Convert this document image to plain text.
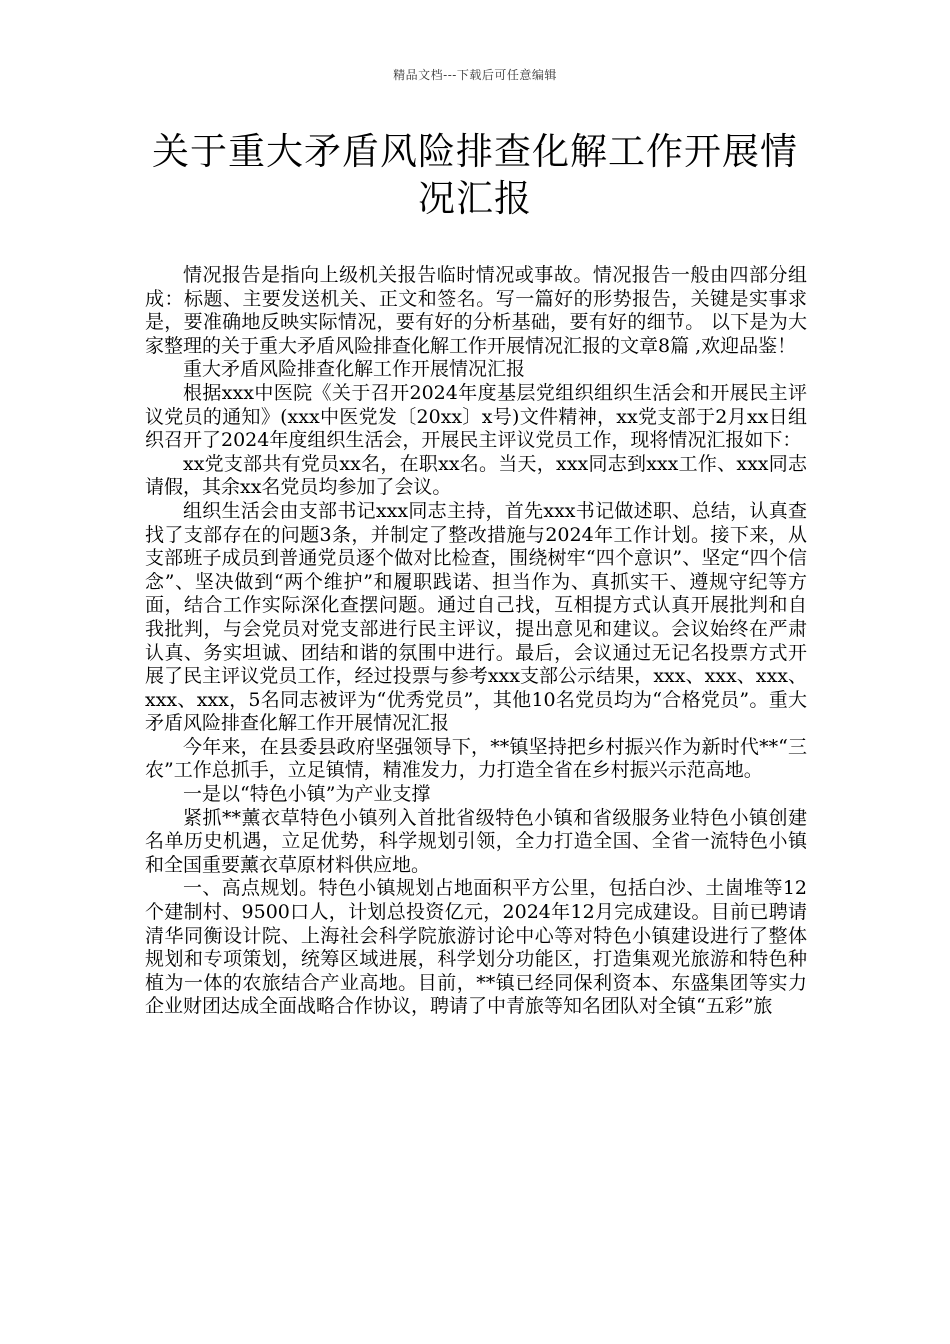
精品文档---下载后可任意编辑
关于重大矛盾风险排查化解工作开展情况汇报

情况报告是指向上级机关报告临时情况或事故。情况报告一般由四部分组成：标题、主要发送机关、正文和签名。写一篇好的形势报告，关键是实事求是，要准确地反映实际情况，要有好的分析基础，要有好的细节。 以下是为大家整理的关于重大矛盾风险排查化解工作开展情况汇报的文章8篇 ,欢迎品鉴！

重大矛盾风险排查化解工作开展情况汇报

根据xxx中医院《关于召开2024年度基层党组织组织生活会和开展民主评议党员的通知》(xxx中医党发〔20xx〕x号)文件精神，xx党支部于2月xx日组织召开了2024年度组织生活会，开展民主评议党员工作，现将情况汇报如下：

xx党支部共有党员xx名，在职xx名。当天，xxx同志到xxx工作、xxx同志请假，其余xx名党员均参加了会议。

组织生活会由支部书记xxx同志主持，首先xxx书记做述职、总结，认真查找了支部存在的问题3条，并制定了整改措施与2024年工作计划。接下来，从支部班子成员到普通党员逐个做对比检查，围绕树牢“四个意识”、坚定“四个信念”、坚决做到“两个维护”和履职践诺、担当作为、真抓实干、遵规守纪等方面，结合工作实际深化查摆问题。通过自己找，互相提方式认真开展批判和自我批判，与会党员对党支部进行民主评议，提出意见和建议。会议始终在严肃认真、务实坦诚、团结和谐的氛围中进行。最后，会议通过无记名投票方式开展了民主评议党员工作，经过投票与参考xxx支部公示结果，xxx、xxx、xxx、xxx、xxx，5名同志被评为“优秀党员”，其他10名党员均为“合格党员”。重大矛盾风险排查化解工作开展情况汇报

今年来，在县委县政府坚强领导下，**镇坚持把乡村振兴作为新时代**“三农”工作总抓手，立足镇情，精准发力，力打造全省在乡村振兴示范高地。

一是以“特色小镇”为产业支撑

紧抓**薰衣草特色小镇列入首批省级特色小镇和省级服务业特色小镇创建名单历史机遇，立足优势，科学规划引领，全力打造全国、全省一流特色小镇和全国重要薰衣草原材料供应地。

一、高点规划。特色小镇规划占地面积平方公里，包括白沙、土崮堆等12个建制村、9500口人，计划总投资亿元，2024年12月完成建设。目前已聘请清华同衡设计院、上海社会科学院旅游讨论中心等对特色小镇建设进行了整体规划和专项策划，统筹区域进展，科学划分功能区，打造集观光旅游和特色种植为一体的农旅结合产业高地。目前，**镇已经同保利资本、东盛集团等实力企业财团达成全面战略合作协议，聘请了中青旅等知名团队对全镇“五彩”旅
